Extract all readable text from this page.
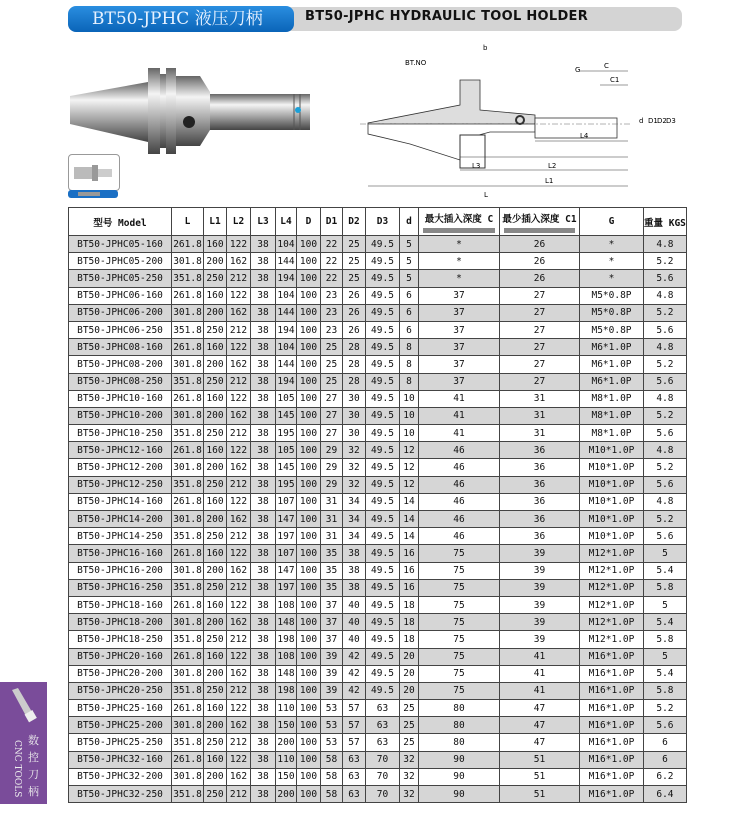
BT50-JPHC 液压刀柄	BT50-JPHC HYDRAULIC TOOL HOLDER
b
BT.NO	C
C1
G
d D1 D2 D3
L4
L3	L2
L1
L
型号 Model	L	L1	L2	L3	L4	D	D1	D2	D3	d	最大插入深度 C	最少插入深度 C1	G	重量 KGS
BT50-JPHC05-160	261.8	160	122	38	104	100	22	25	49.5	5	*	26	*	4.8
BT50-JPHC05-200	301.8	200	162	38	144	100	22	25	49.5	5	*	26	*	5.2
BT50-JPHC05-250	351.8	250	212	38	194	100	22	25	49.5	5	*	26	*	5.6
BT50-JPHC06-160	261.8	160	122	38	104	100	23	26	49.5	6	37	27	M5*0.8P	4.8
BT50-JPHC06-200	301.8	200	162	38	144	100	23	26	49.5	6	37	27	M5*0.8P	5.2
BT50-JPHC06-250	351.8	250	212	38	194	100	23	26	49.5	6	37	27	M5*0.8P	5.6
BT50-JPHC08-160	261.8	160	122	38	104	100	25	28	49.5	8	37	27	M6*1.0P	4.8
BT50-JPHC08-200	301.8	200	162	38	144	100	25	28	49.5	8	37	27	M6*1.0P	5.2
BT50-JPHC08-250	351.8	250	212	38	194	100	25	28	49.5	8	37	27	M6*1.0P	5.6
BT50-JPHC10-160	261.8	160	122	38	105	100	27	30	49.5	10	41	31	M8*1.0P	4.8
BT50-JPHC10-200	301.8	200	162	38	145	100	27	30	49.5	10	41	31	M8*1.0P	5.2
BT50-JPHC10-250	351.8	250	212	38	195	100	27	30	49.5	10	41	31	M8*1.0P	5.6
BT50-JPHC12-160	261.8	160	122	38	105	100	29	32	49.5	12	46	36	M10*1.0P	4.8
BT50-JPHC12-200	301.8	200	162	38	145	100	29	32	49.5	12	46	36	M10*1.0P	5.2
BT50-JPHC12-250	351.8	250	212	38	195	100	29	32	49.5	12	46	36	M10*1.0P	5.6
BT50-JPHC14-160	261.8	160	122	38	107	100	31	34	49.5	14	46	36	M10*1.0P	4.8
BT50-JPHC14-200	301.8	200	162	38	147	100	31	34	49.5	14	46	36	M10*1.0P	5.2
BT50-JPHC14-250	351.8	250	212	38	197	100	31	34	49.5	14	46	36	M10*1.0P	5.6
BT50-JPHC16-160	261.8	160	122	38	107	100	35	38	49.5	16	75	39	M12*1.0P	5
BT50-JPHC16-200	301.8	200	162	38	147	100	35	38	49.5	16	75	39	M12*1.0P	5.4
BT50-JPHC16-250	351.8	250	212	38	197	100	35	38	49.5	16	75	39	M12*1.0P	5.8
BT50-JPHC18-160	261.8	160	122	38	108	100	37	40	49.5	18	75	39	M12*1.0P	5
BT50-JPHC18-200	301.8	200	162	38	148	100	37	40	49.5	18	75	39	M12*1.0P	5.4
BT50-JPHC18-250	351.8	250	212	38	198	100	37	40	49.5	18	75	39	M12*1.0P	5.8
BT50-JPHC20-160	261.8	160	122	38	108	100	39	42	49.5	20	75	41	M16*1.0P	5
BT50-JPHC20-200	301.8	200	162	38	148	100	39	42	49.5	20	75	41	M16*1.0P	5.4
BT50-JPHC20-250	351.8	250	212	38	198	100	39	42	49.5	20	75	41	M16*1.0P	5.8
BT50-JPHC25-160	261.8	160	122	38	110	100	53	57	63	25	80	47	M16*1.0P	5.2
BT50-JPHC25-200	301.8	200	162	38	150	100	53	57	63	25	80	47	M16*1.0P	5.6
BT50-JPHC25-250	351.8	250	212	38	200	100	53	57	63	25	80	47	M16*1.0P	6
BT50-JPHC32-160	261.8	160	122	38	110	100	58	63	70	32	90	51	M16*1.0P	6
BT50-JPHC32-200	301.8	200	162	38	150	100	58	63	70	32	90	51	M16*1.0P	6.2
BT50-JPHC32-250	351.8	250	212	38	200	100	58	63	70	32	90	51	M16*1.0P	6.4
数控刀柄
CNC TOOLS
